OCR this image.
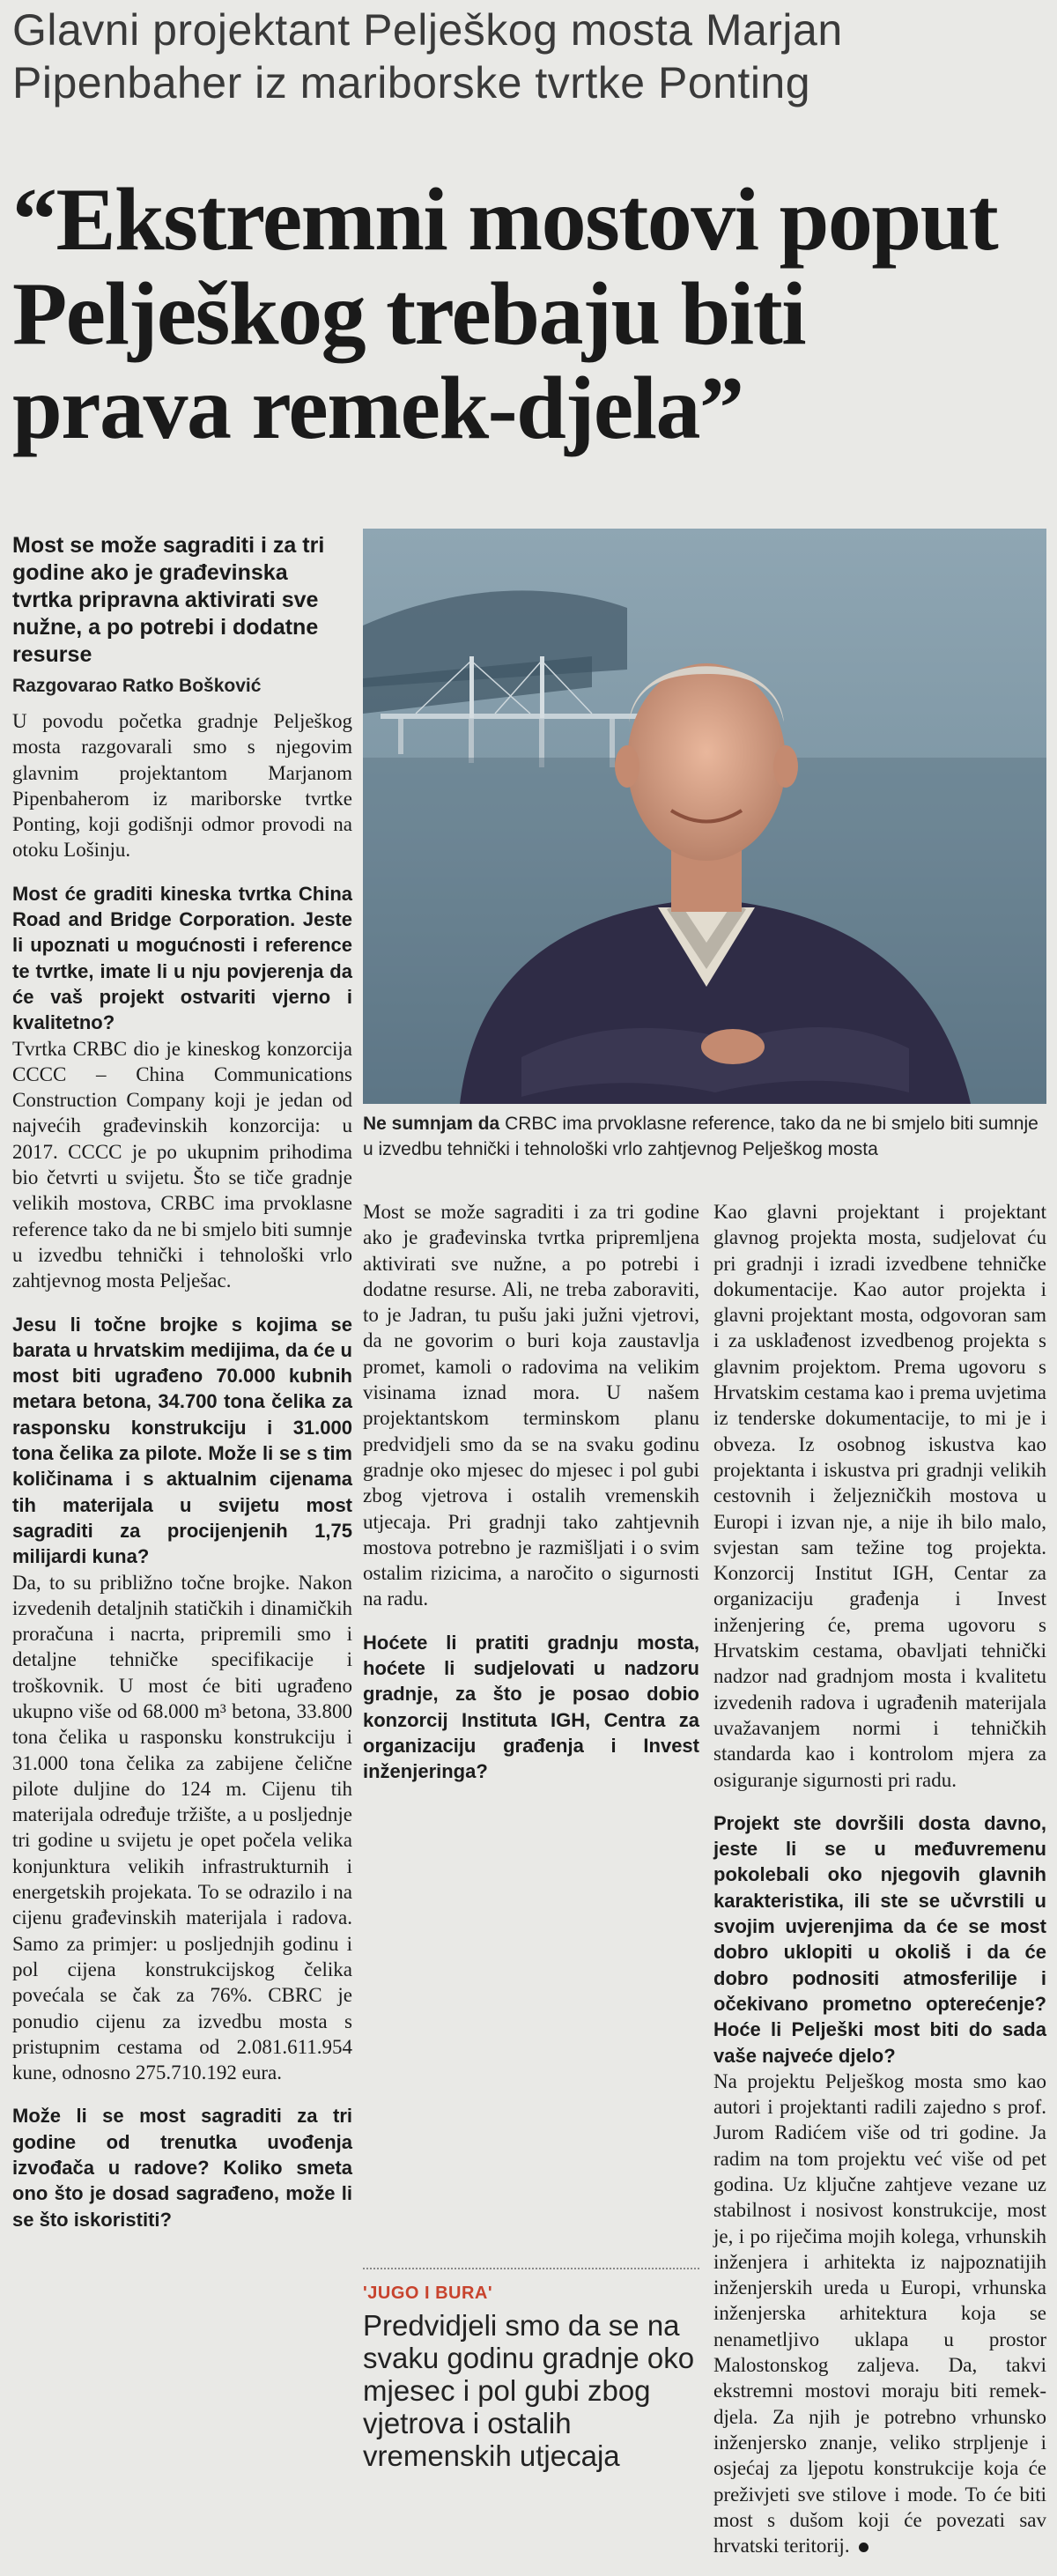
Glavni projektant Pelješkog mosta Marjan Pipenbaher iz mariborske tvrtke Ponting
“Ekstremni mostovi poput Pelješkog trebaju biti prava remek-djela”
Most se može sagraditi i za tri godine ako je građevinska tvrtka pripravna aktivirati sve nužne, a po potrebi i dodatne resurse
Razgovarao Ratko Bošković

U povodu početka gradnje Pelješkog mosta razgovarali smo s njegovim glavnim projektantom Marjanom Pipenbaherom iz mariborske tvrtke Ponting, koji godišnji odmor provodi na otoku Lošinju.

Most će graditi kineska tvrtka China Road and Bridge Corporation. Jeste li upoznati u mogućnosti i reference te tvrtke, imate li u nju povjerenja da će vaš projekt ostvariti vjerno i kvalitetno?

Tvrtka CRBC dio je kineskog konzorcija CCCC – China Communications Construction Company koji je jedan od najvećih građevinskih konzorcija: u 2017. CCCC je po ukupnim prihodima bio četvrti u svijetu. Što se tiče gradnje velikih mostova, CRBC ima prvoklasne reference tako da ne bi smjelo biti sumnje u izvedbu tehnički i tehnološki vrlo zahtjevnog mosta Pelješac.

Jesu li točne brojke s kojima se barata u hrvatskim medijima, da će u most biti ugrađeno 70.000 kubnih metara betona, 34.700 tona čelika za rasponsku konstrukciju i 31.000 tona čelika za pilote. Može li se s tim količinama i s aktualnim cijenama tih materijala u svijetu most sagraditi za procijenjenih 1,75 milijardi kuna?

Da, to su približno točne brojke. Nakon izvedenih detaljnih statičkih i dinamičkih proračuna i nacrta, pripremili smo i detaljne tehničke specifikacije i troškovnik. U most će biti ugrađeno ukupno više od 68.000 m³ betona, 33.800 tona čelika u rasponsku konstrukciju i 31.000 tona čelika za zabijene čelične pilote duljine do 124 m. Cijenu tih materijala određuje tržište, a u posljednje tri godine u svijetu je opet počela velika konjunktura velikih infrastrukturnih i energetskih projekata. To se odrazilo i na cijenu građevinskih materijala i radova. Samo za primjer: u posljednjih godinu i pol cijena konstrukcijskog čelika povećala se čak za 76%. CBRC je ponudio cijenu za izvedbu mosta s pristupnim cestama od 2.081.611.954 kune, odnosno 275.710.192 eura.

Može li se most sagraditi za tri godine od trenutka uvođenja izvođača u radove? Koliko smeta ono što je dosad sagrađeno, može li se što iskoristiti?

Ne sumnjam da CRBC ima prvoklasne reference, tako da ne bi smjelo biti sumnje u izvedbu tehnički i tehnološki vrlo zahtjevnog Pelješkog mosta

Most se može sagraditi i za tri godine ako je građevinska tvrtka pripremljena aktivirati sve nužne, a po potrebi i dodatne resurse. Ali, ne treba zaboraviti, to je Jadran, tu pušu jaki južni vjetrovi, da ne govorim o buri koja zaustavlja promet, kamoli o radovima na velikim visinama iznad mora. U našem projektantskom terminskom planu predvidjeli smo da se na svaku godinu gradnje oko mjesec do mjesec i pol gubi zbog vjetrova i ostalih vremenskih utjecaja. Pri gradnji tako zahtjevnih mostova potrebno je razmišljati i o svim ostalim rizicima, a naročito o sigurnosti na radu.

Hoćete li pratiti gradnju mosta, hoćete li sudjelovati u nadzoru gradnje, za što je posao dobio konzorcij Instituta IGH, Centra za organizaciju građenja i Invest inženjeringa?

Kao glavni projektant i projektant glavnog projekta mosta, sudjelovat ću pri gradnji i izradi izvedbene tehničke dokumentacije. Kao autor projekta i glavni projektant mosta, odgovoran sam i za usklađenost izvedbenog projekta s glavnim projektom. Prema ugovoru s Hrvatskim cestama kao i prema uvjetima iz tenderske dokumentacije, to mi je i obveza. Iz osobnog iskustva kao projektanta i iskustva pri gradnji velikih cestovnih i željezničkih mostova u Europi i izvan nje, a nije ih bilo malo, svjestan sam težine tog projekta. Konzorcij Institut IGH, Centar za organizaciju građenja i Invest inženjering će, prema ugovoru s Hrvatskim cestama, obavljati tehnički nadzor nad gradnjom mosta i kvalitetu izvedenih radova i ugrađenih materijala uvažavanjem normi i tehničkih standarda kao i kontrolom mjera za osiguranje sigurnosti pri radu.

Projekt ste dovršili dosta davno, jeste li se u međuvremenu pokolebali oko njegovih glavnih karakteristika, ili ste se učvrstili u svojim uvjerenjima da će se most dobro uklopiti u okoliš i da će dobro podnositi atmosferilije i očekivano prometno opterećenje? Hoće li Pelješki most biti do sada vaše najveće djelo?

Na projektu Pelješkog mosta smo kao autori i projektanti radili zajedno s prof. Jurom Radićem više od tri godine. Ja radim na tom projektu već više od pet godina. Uz ključne zahtjeve vezane uz stabilnost i nosivost konstrukcije, most je, i po riječima mojih kolega, vrhunskih inženjera i arhitekta iz najpoznatijih inženjerskih ureda u Europi, vrhunska inženjerska arhitektura koja se nenametljivo uklapa u prostor Malostonskog zaljeva. Da, takvi ekstremni mostovi moraju biti remek-djela. Za njih je potrebno vrhunsko inženjersko znanje, veliko strpljenje i osjećaj za ljepotu konstrukcije koja će preživjeti sve stilove i mode. To će biti most s dušom koji će povezati sav hrvatski teritorij.

'JUGO I BURA'
Predvidjeli smo da se na svaku godinu gradnje oko mjesec i pol gubi zbog vjetrova i ostalih vremenskih utjecaja
